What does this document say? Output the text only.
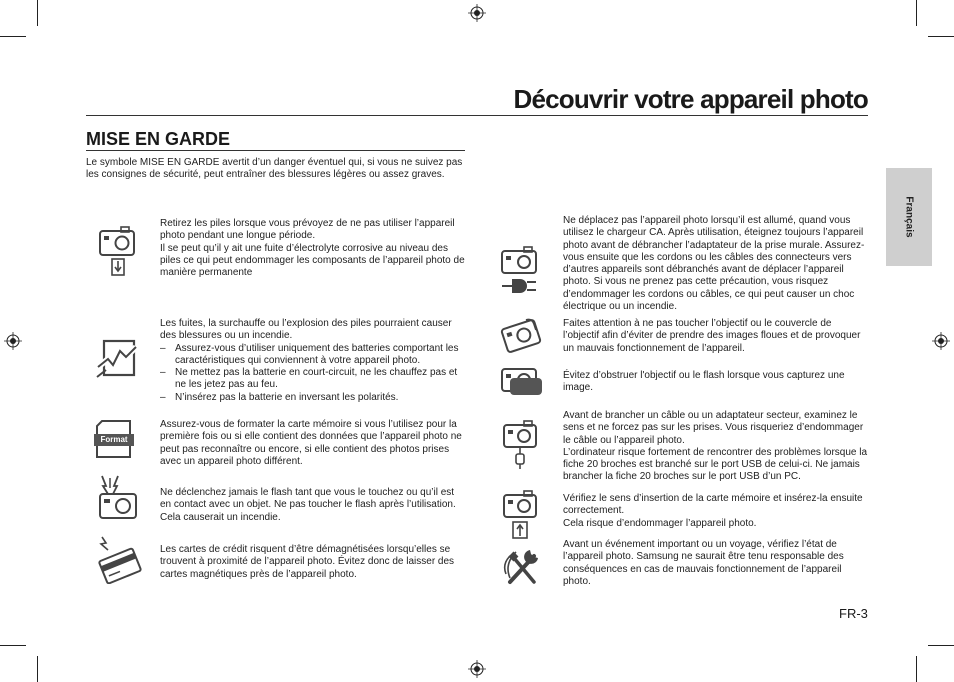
Découvrir votre appareil photo
MISE EN GARDE

Le symbole MISE EN GARDE avertit d’un danger éventuel qui, si vous ne suivez pas les consignes de sécurité, peut entraîner des blessures légères ou assez graves.

Français

Retirez les piles lorsque vous prévoyez de ne pas utiliser l’appareil photo pendant une longue période.

Il se peut qu’il y ait une fuite d’électrolyte corrosive au niveau des piles ce qui peut endommager les composants de l’appareil photo de manière permanente

Les fuites, la surchauffe ou l’explosion des piles pourraient causer des blessures ou un incendie.

– Assurez-vous d’utiliser uniquement des batteries comportant les caractéristiques qui conviennent à votre appareil photo.

– Ne mettez pas la batterie en court-circuit, ne les chauffez pas et ne les jetez pas au feu.

– N’insérez pas la batterie en inversant les polarités.

Format

Assurez-vous de formater la carte mémoire si vous l’utilisez pour la première fois ou si elle contient des données que l’appareil photo ne peut pas reconnaître ou encore, si elle contient des photos prises avec un appareil photo différent.

Ne déclenchez jamais le flash tant que vous le touchez ou qu’il est en contact avec un objet. Ne pas toucher le flash après l’utilisation. Cela causerait un incendie.

Les cartes de crédit risquent d’être démagnétisées lorsqu’elles se trouvent à proximité de l’appareil photo. Évitez donc de laisser des cartes magnétiques près de l’appareil photo.

Ne déplacez pas l’appareil photo lorsqu’il est allumé, quand vous utilisez le chargeur CA. Après utilisation, éteignez toujours l’appareil photo avant de débrancher l’adaptateur de la prise murale. Assurez-vous ensuite que les cordons ou les câbles des connecteurs vers d’autres appareils sont débranchés avant de déplacer l’appareil photo. Si vous ne prenez pas cette précaution, vous risquez d’endommager les cordons ou câbles, ce qui peut causer un choc électrique ou un incendie.

Faites attention à ne pas toucher l’objectif ou le couvercle de l’objectif afin d’éviter de prendre des images floues et de provoquer un mauvais fonctionnement de l’appareil.

Évitez d’obstruer l'objectif ou le flash lorsque vous capturez une image.

Avant de brancher un câble ou un adaptateur secteur, examinez le sens et ne forcez pas sur les prises. Vous risqueriez d’endommager le câble ou l’appareil photo.

L’ordinateur risque fortement de rencontrer des problèmes lorsque la fiche 20 broches est branché sur le port USB de celui-ci. Ne jamais brancher la fiche 20 broches sur le port USB d’un PC.

Vérifiez le sens d’insertion de la carte mémoire et insérez-la ensuite correctement.

Cela risque d’endommager l’appareil photo.

Avant un événement important ou un voyage, vérifiez l’état de l’appareil photo. Samsung ne saurait être tenu responsable des conséquences en cas de mauvais fonctionnement de l’appareil photo.

FR-3
